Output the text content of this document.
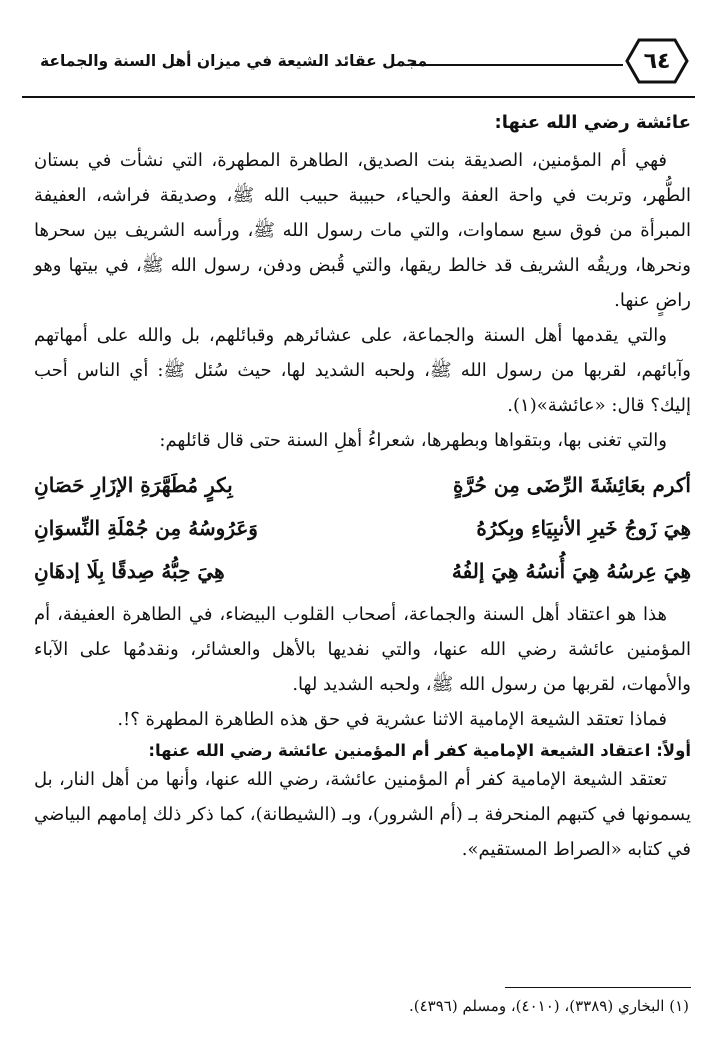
٦٤
مجمل عقائد الشيعة في ميزان أهل السنة والجماعة
عائشة رضي الله عنها:

فهي أم المؤمنين، الصديقة بنت الصديق، الطاهرة المطهرة، التي نشأت في بستان الطُّهر، وتربت في واحة العفة والحياء، حبيبة حبيب الله ﷺ، وصديقة فراشه، العفيفة المبرأة من فوق سبع سماوات، والتي مات رسول الله ﷺ، ورأسه الشريف بين سحرها ونحرها، وريقُه الشريف قد خالط ريقها، والتي قُبض ودفن، رسول الله ﷺ، في بيتها وهو راضٍ عنها.

والتي يقدمها أهل السنة والجماعة، على عشائرهم وقبائلهم، بل والله على أمهاتهم وآبائهم، لقربها من رسول الله ﷺ، ولحبه الشديد لها، حيث سُئل ﷺ: أي الناس أحب إليك؟ قال: «عائشة»(١).

والتي تغنى بها، وبتقواها وبطهرها، شعراءُ أهلِ السنة حتى قال قائلهم:

أكرم بعَائِشَةَ الرِّضَى مِن حُرَّةٍ	بِكرٍ مُطَهَّرَةِ الإزَارِ حَصَانِ
هِيَ زَوجُ خَيرِ الأنبِيَاءِ وبِكرُهُ	وَعَرُوسُهُ مِن جُمْلَةِ النِّسوَانِ
هِيَ عِرسُهُ هِيَ أُنسُهُ هِيَ إلفُهُ	هِيَ حِبُّهُ صِدقًا بِلَا إدهَانِ

هذا هو اعتقاد أهل السنة والجماعة، أصحاب القلوب البيضاء، في الطاهرة العفيفة، أم المؤمنين عائشة رضي الله عنها، والتي نفديها بالأهل والعشائر، ونقدمُها على الآباء والأمهات، لقربها من رسول الله ﷺ، ولحبه الشديد لها.

فماذا تعتقد الشيعة الإمامية الاثنا عشرية في حق هذه الطاهرة المطهرة ؟!.

أولاً: اعتقاد الشيعة الإمامية كفر أم المؤمنين عائشة رضي الله عنها:

تعتقد الشيعة الإمامية كفر أم المؤمنين عائشة، رضي الله عنها، وأنها من أهل النار، بل يسمونها في كتبهم المنحرفة بـ (أم الشرور)، وبـ (الشيطانة)، كما ذكر ذلك إمامهم البياضي في كتابه «الصراط المستقيم».

(١) البخاري (٣٣٨٩)، (٤٠١٠)، ومسلم (٤٣٩٦).
